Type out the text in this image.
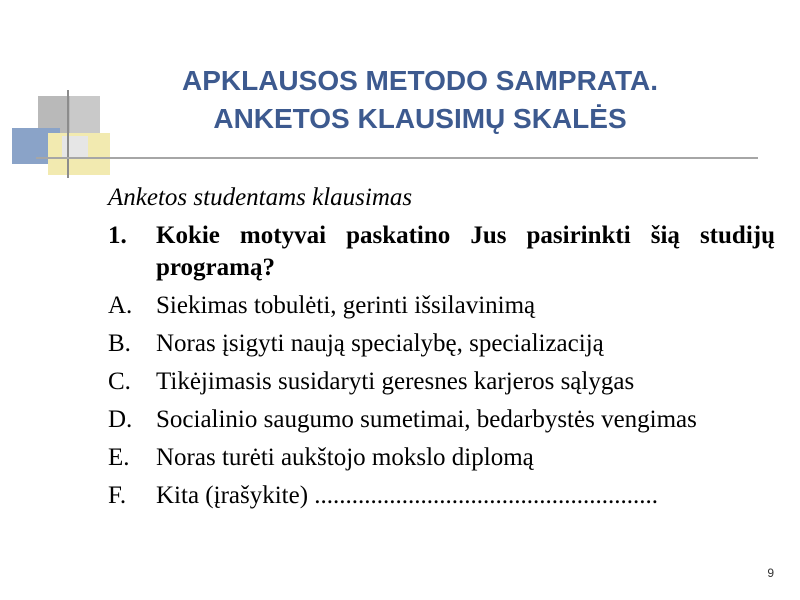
APKLAUSOS METODO SAMPRATA.
ANKETOS KLAUSIMŲ SKALĖS
Anketos studentams klausimas
1.	Kokie motyvai paskatino Jus pasirinkti šią studijų programą?
A. Siekimas tobulėti, gerinti išsilavinimą
B.	Noras įsigyti naują specialybę, specializaciją
C.	Tikėjimasis susidaryti geresnes karjeros sąlygas
D. Socialinio saugumo sumetimai, bedarbystės vengimas
E.	Noras turėti aukštojo mokslo diplomą
F.	Kita (įrašykite) .......................................................
9
